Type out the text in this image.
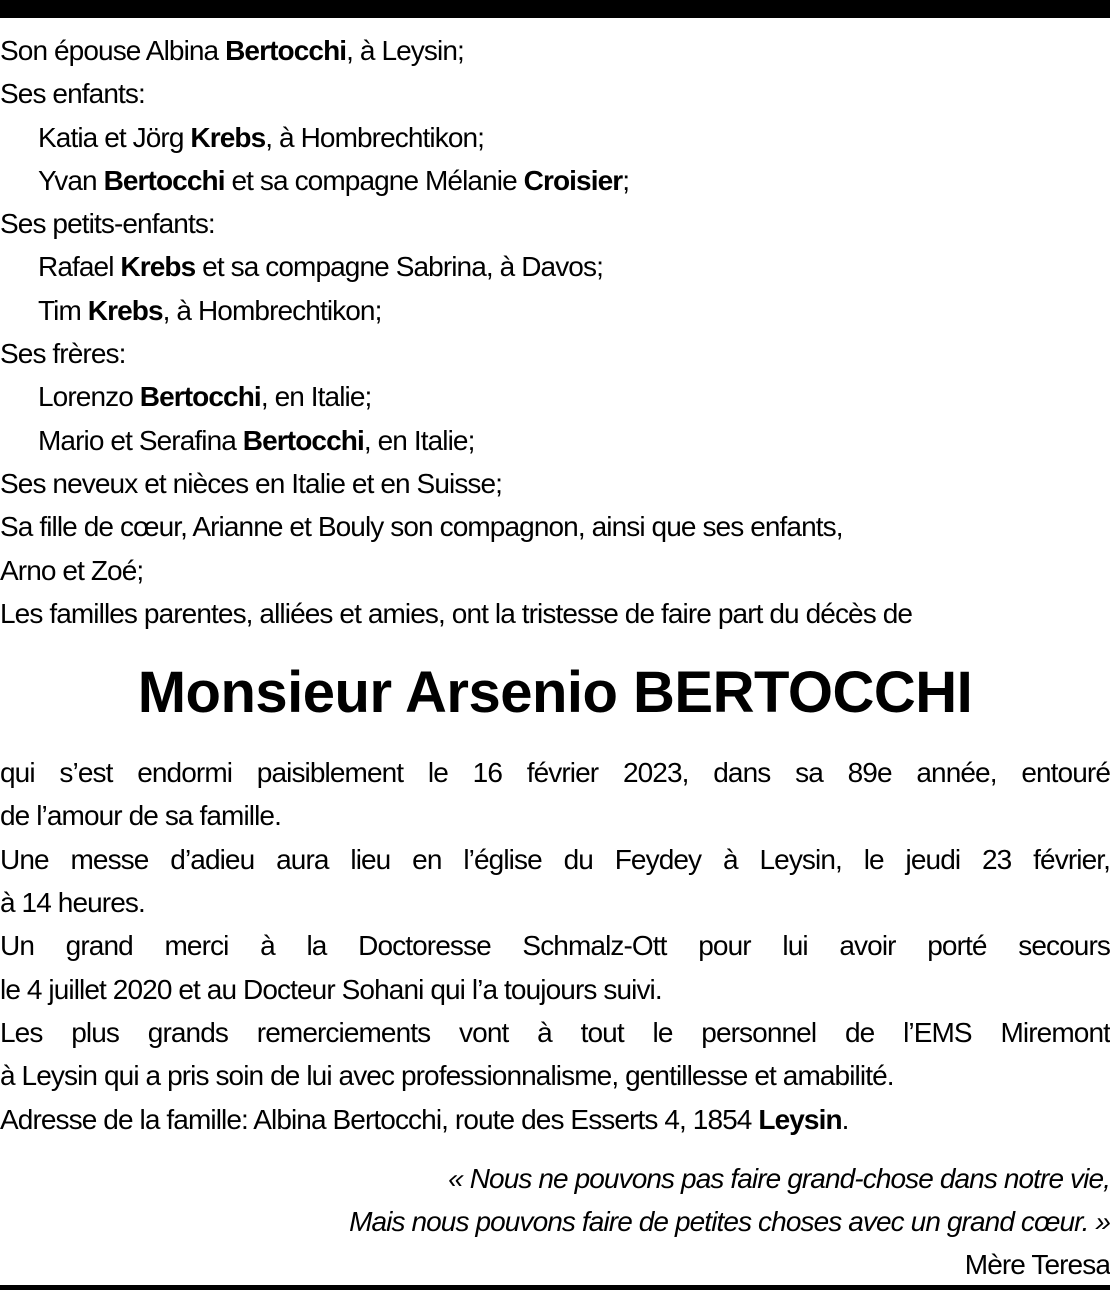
Son épouse Albina Bertocchi, à Leysin;
Ses enfants:
Katia et Jörg Krebs, à Hombrechtikon;
Yvan Bertocchi et sa compagne Mélanie Croisier;
Ses petits-enfants:
Rafael Krebs et sa compagne Sabrina, à Davos;
Tim Krebs, à Hombrechtikon;
Ses frères:
Lorenzo Bertocchi, en Italie;
Mario et Serafina Bertocchi, en Italie;
Ses neveux et nièces en Italie et en Suisse;
Sa fille de cœur, Arianne et Bouly son compagnon, ainsi que ses enfants,
Arno et Zoé;
Les familles parentes, alliées et amies, ont la tristesse de faire part du décès de
Monsieur Arsenio BERTOCCHI
qui s’est endormi paisiblement le 16 février 2023, dans sa 89e année, entouré
de l’amour de sa famille.
Une messe d’adieu aura lieu en l’église du Feydey à Leysin, le jeudi 23 février,
à 14 heures.
Un grand merci à la Doctoresse Schmalz-Ott pour lui avoir porté secours
le 4 juillet 2020 et au Docteur Sohani qui l’a toujours suivi.
Les plus grands remerciements vont à tout le personnel de l’EMS Miremont
à Leysin qui a pris soin de lui avec professionnalisme, gentillesse et amabilité.
Adresse de la famille: Albina Bertocchi, route des Esserts 4, 1854 Leysin.
« Nous ne pouvons pas faire grand-chose dans notre vie,
Mais nous pouvons faire de petites choses avec un grand cœur. »
Mère Teresa
